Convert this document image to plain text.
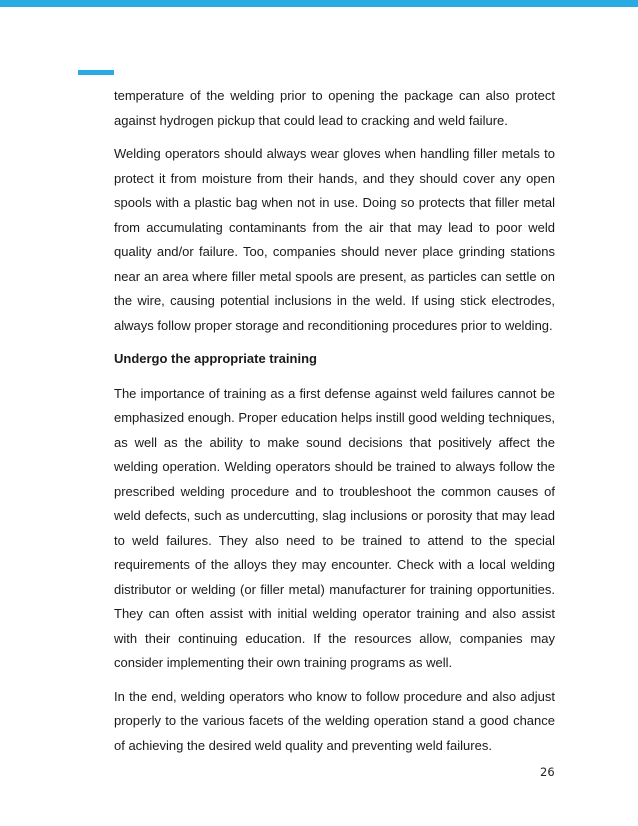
temperature of the welding prior to opening the package can also protect against hydrogen pickup that could lead to cracking and weld failure.

Welding operators should always wear gloves when handling filler metals to protect it from moisture from their hands, and they should cover any open spools with a plastic bag when not in use. Doing so protects that filler metal from accumulating contaminants from the air that may lead to poor weld quality and/or failure. Too, companies should never place grinding stations near an area where filler metal spools are present, as particles can settle on the wire, causing potential inclusions in the weld. If using stick electrodes, always follow proper storage and reconditioning procedures prior to welding.

Undergo the appropriate training

The importance of training as a first defense against weld failures cannot be emphasized enough. Proper education helps instill good welding techniques, as well as the ability to make sound decisions that positively affect the welding operation. Welding operators should be trained to always follow the prescribed welding procedure and to troubleshoot the common causes of weld defects, such as undercutting, slag inclusions or porosity that may lead to weld failures. They also need to be trained to attend to the special requirements of the alloys they may encounter. Check with a local welding distributor or welding (or filler metal) manufacturer for training opportunities. They can often assist with initial welding operator training and also assist with their continuing education. If the resources allow, companies may consider implementing their own training programs as well.

In the end, welding operators who know to follow procedure and also adjust properly to the various facets of the welding operation stand a good chance of achieving the desired weld quality and preventing weld failures.

26
